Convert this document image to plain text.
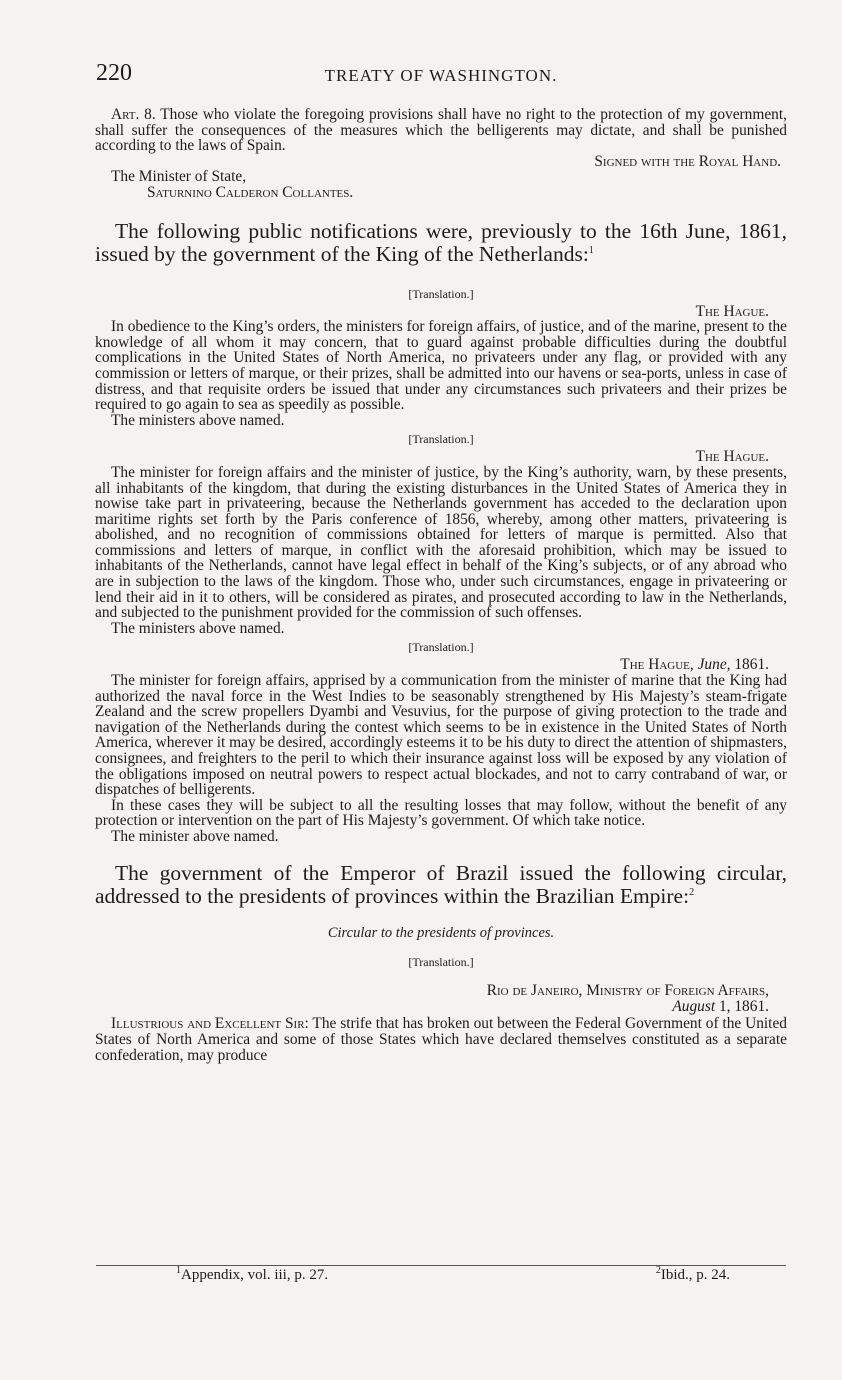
220	TREATY OF WASHINGTON.

Art. 8. Those who violate the foregoing provisions shall have no right to the protection of my government, shall suffer the consequences of the measures which the belligerents may dictate, and shall be punished according to the laws of Spain.

Signed with the Royal Hand.

The Minister of State,

Saturnino Calderon Collantes.

The following public notifications were, previously to the 16th June, 1861, issued by the government of the King of the Netherlands:$^1$

[Translation.]

The Hague.

In obedience to the King’s orders, the ministers for foreign affairs, of justice, and of the marine, present to the knowledge of all whom it may concern, that to guard against probable difficulties during the doubtful complications in the United States of North America, no privateers under any flag, or provided with any commission or letters of marque, or their prizes, shall be admitted into our havens or sea-ports, unless in case of distress, and that requisite orders be issued that under any circumstances such privateers and their prizes be required to go again to sea as speedily as possible.

The ministers above named.

[Translation.]

The Hague.

The minister for foreign affairs and the minister of justice, by the King’s authority, warn, by these presents, all inhabitants of the kingdom, that during the existing disturbances in the United States of America they in nowise take part in privateering, because the Netherlands government has acceded to the declaration upon maritime rights set forth by the Paris conference of 1856, whereby, among other matters, privateering is abolished, and no recognition of commissions obtained for letters of marque is permitted. Also that commissions and letters of marque, in conflict with the aforesaid prohibition, which may be issued to inhabitants of the Netherlands, cannot have legal effect in behalf of the King’s subjects, or of any abroad who are in subjection to the laws of the kingdom. Those who, under such circumstances, engage in privateering or lend their aid in it to others, will be considered as pirates, and prosecuted according to law in the Netherlands, and subjected to the punishment provided for the commission of such offenses.

The ministers above named.

[Translation.]

The Hague, June, 1861.

The minister for foreign affairs, apprised by a communication from the minister of marine that the King had authorized the naval force in the West Indies to be seasonably strengthened by His Majesty’s steam-frigate Zealand and the screw propellers Dyambi and Vesuvius, for the purpose of giving protection to the trade and navigation of the Netherlands during the contest which seems to be in existence in the United States of North America, wherever it may be desired, accordingly esteems it to be his duty to direct the attention of shipmasters, consignees, and freighters to the peril to which their insurance against loss will be exposed by any violation of the obligations imposed on neutral powers to respect actual blockades, and not to carry contraband of war, or dispatches of belligerents.

In these cases they will be subject to all the resulting losses that may follow, without the benefit of any protection or intervention on the part of His Majesty’s government. Of which take notice.

The minister above named.

The government of the Emperor of Brazil issued the following circular, addressed to the presidents of provinces within the Brazilian Empire:$^2$

Circular to the presidents of provinces.

[Translation.]

Rio de Janeiro, Ministry of Foreign Affairs,

August 1, 1861.

Illustrious and Excellent Sir: The strife that has broken out between the Federal Government of the United States of North America and some of those States which have declared themselves constituted as a separate confederation, may produce

$^1$Appendix, vol. iii, p. 27.	$^2$Ibid., p. 24.
